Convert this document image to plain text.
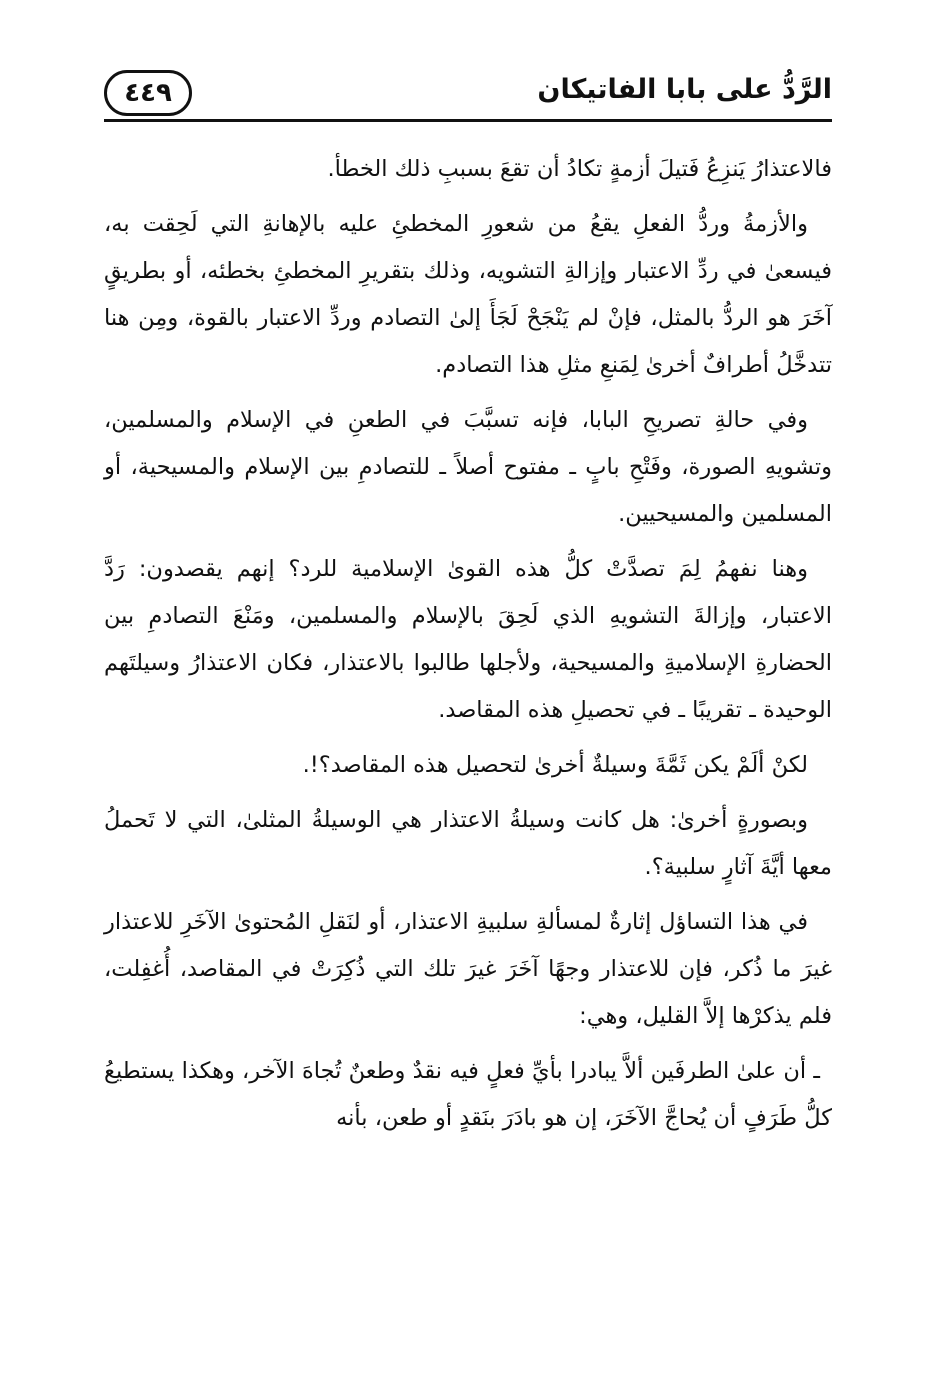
٤٤٩	الرَّدُّ على بابا الفاتيكان

فالاعتذارُ يَنزِعُ فَتيلَ أزمةٍ تكادُ أن تقعَ بسببِ ذلك الخطأ.

والأزمةُ وردُّ الفعلِ يقعُ من شعورِ المخطئِ عليه بالإهانةِ التي لَحِقت به، فيسعىٰ في ردِّ الاعتبار وإزالةِ التشويه، وذلك بتقريرِ المخطئِ بخطئه، أو بطريقٍ آخَرَ هو الردُّ بالمثل، فإنْ لم يَنْجَحْ لَجَأَ إلىٰ التصادم وردِّ الاعتبار بالقوة، ومِن هنا تتدخَّلُ أطرافٌ أخرىٰ لِمَنعِ مثلِ هذا التصادم.

وفي حالةِ تصريحِ البابا، فإنه تسبَّبَ في الطعنِ في الإسلام والمسلمين، وتشويهِ الصورة، وفَتْحِ بابٍ ـ مفتوح أصلاً ـ للتصادمِ بين الإسلام والمسيحية، أو المسلمين والمسيحيين.

وهنا نفهمُ لِمَ تصدَّتْ كلُّ هذه القوىٰ الإسلامية للرد؟ إنهم يقصدون: رَدَّ الاعتبار، وإزالةَ التشويهِ الذي لَحِقَ بالإسلام والمسلمين، ومَنْعَ التصادمِ بين الحضارةِ الإسلاميةِ والمسيحية، ولأجلها طالبوا بالاعتذار، فكان الاعتذارُ وسيلتَهم الوحيدة ـ تقريبًا ـ في تحصيلِ هذه المقاصد.

لكنْ ألَمْ يكن ثَمَّةَ وسيلةٌ أخرىٰ لتحصيل هذه المقاصد؟!.

وبصورةٍ أخرىٰ: هل كانت وسيلةُ الاعتذار هي الوسيلةُ المثلىٰ، التي لا تَحملُ معها أيَّةَ آثارٍ سلبية؟.

في هذا التساؤل إثارةٌ لمسألةِ سلبيةِ الاعتذار، أو لنَقلِ المُحتوىٰ الآخَرِ للاعتذار غيرَ ما ذُكر، فإن للاعتذار وجهًا آخَرَ غيرَ تلك التي ذُكِرَتْ في المقاصد، أُغفِلت، فلم يذكرْها إلاَّ القليل، وهي:

ـ أن علىٰ الطرفَين ألاَّ يبادرا بأيِّ فعلٍ فيه نقدٌ وطعنٌ تُجاهَ الآخر، وهكذا يستطيعُ كلُّ طَرَفٍ أن يُحاجَّ الآخَرَ، إن هو بادَرَ بنَقدٍ أو طعن، بأنه
